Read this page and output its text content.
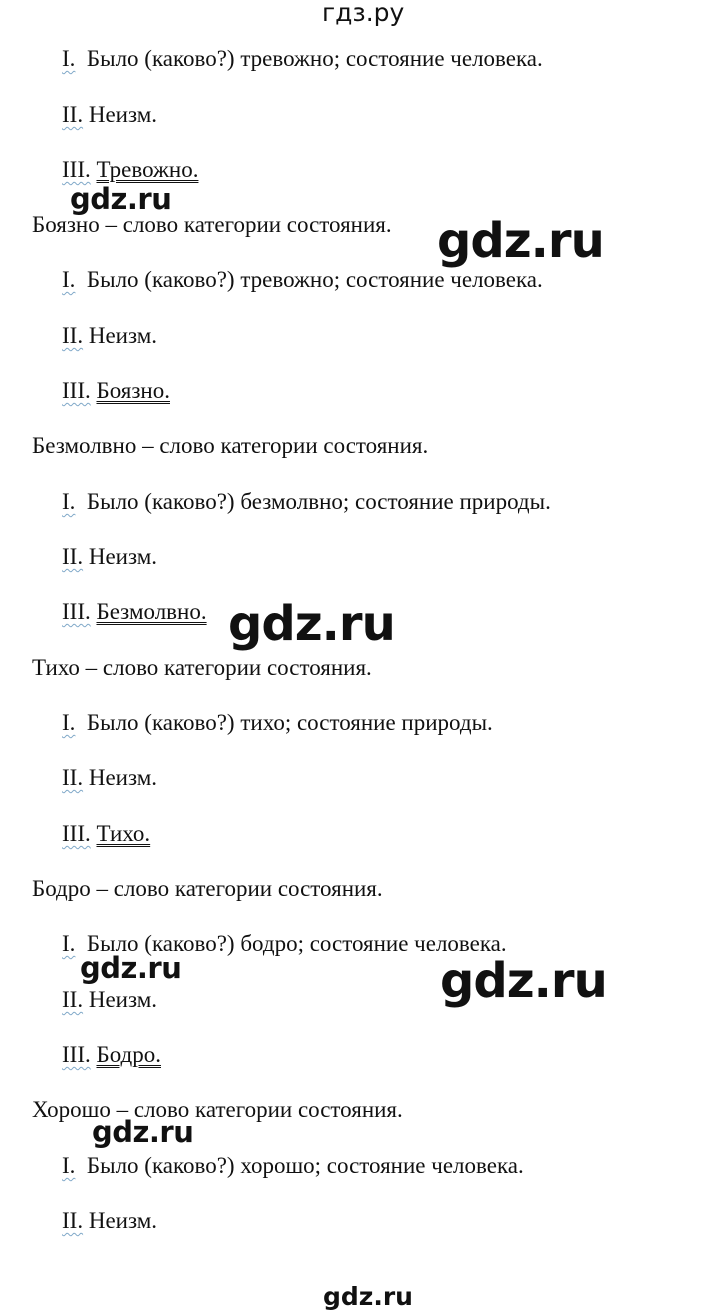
гдз.ру
I. Было (каково?) тревожно; состояние человека.
II. Неизм.
III. Тревожно.
Боязно – слово категории состояния.
I. Было (каково?) тревожно; состояние человека.
II. Неизм.
III. Боязно.
Безмолвно – слово категории состояния.
I. Было (каково?) безмолвно; состояние природы.
II. Неизм.
III. Безмолвно.
Тихо – слово категории состояния.
I. Было (каково?) тихо; состояние природы.
II. Неизм.
III. Тихо.
Бодро – слово категории состояния.
I. Было (каково?) бодро; состояние человека.
II. Неизм.
III. Бодро.
Хорошо – слово категории состояния.
I. Было (каково?) хорошо; состояние человека.
II. Неизм.
gdz.ru
gdz.ru
gdz.ru
gdz.ru	gdz.ru
gdz.ru
gdz.ru
